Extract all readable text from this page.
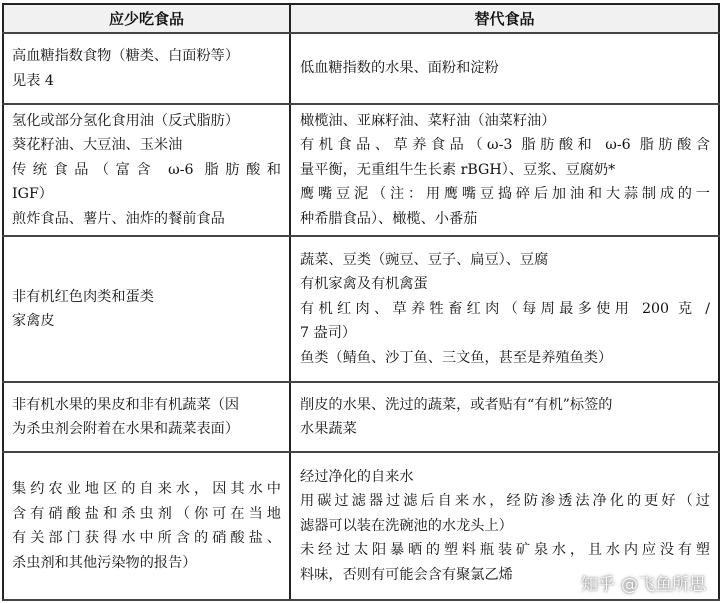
应少吃食品	替代食品

高血糖指数食物（糖类、白面粉等）
见表 4	低血糖指数的水果、面粉和淀粉

氢化或部分氢化食用油（反式脂肪）
葵花籽油、大豆油、玉米油
传统食品（富含 ω-6 脂肪酸和
IGF）
煎炸食品、薯片、油炸的餐前食品	橄榄油、亚麻籽油、菜籽油（油菜籽油）
有机食品、草养食品（ω-3 脂肪酸和 ω-6 脂肪酸含
量平衡，无重组牛生长素 rBGH）、豆浆、豆腐奶*
鹰嘴豆泥（注：用鹰嘴豆捣碎后加油和大蒜制成的一
种希腊食品）、橄榄、小番茄

非有机红色肉类和蛋类
家禽皮	蔬菜、豆类（豌豆、豆子、扁豆）、豆腐
有机家禽及有机禽蛋
有机红肉、草养牲畜红肉（每周最多使用 200 克 /
7 盎司）
鱼类（鲭鱼、沙丁鱼、三文鱼，甚至是养殖鱼类）

非有机水果的果皮和非有机蔬菜（因
为杀虫剂会附着在水果和蔬菜表面）	削皮的水果、洗过的蔬菜，或者贴有“有机”标签的
水果蔬菜

集约农业地区的自来水，因其水中
含有硝酸盐和杀虫剂（你可在当地
有关部门获得水中所含的硝酸盐、
杀虫剂和其他污染物的报告）	经过净化的自来水
用碳过滤器过滤后自来水，经防渗透法净化的更好（过
滤器可以装在洗碗池的水龙头上）
未经过太阳暴晒的塑料瓶装矿泉水，且水内应没有塑
料味，否则有可能会含有聚氯乙烯
知乎 @飞鱼所思
